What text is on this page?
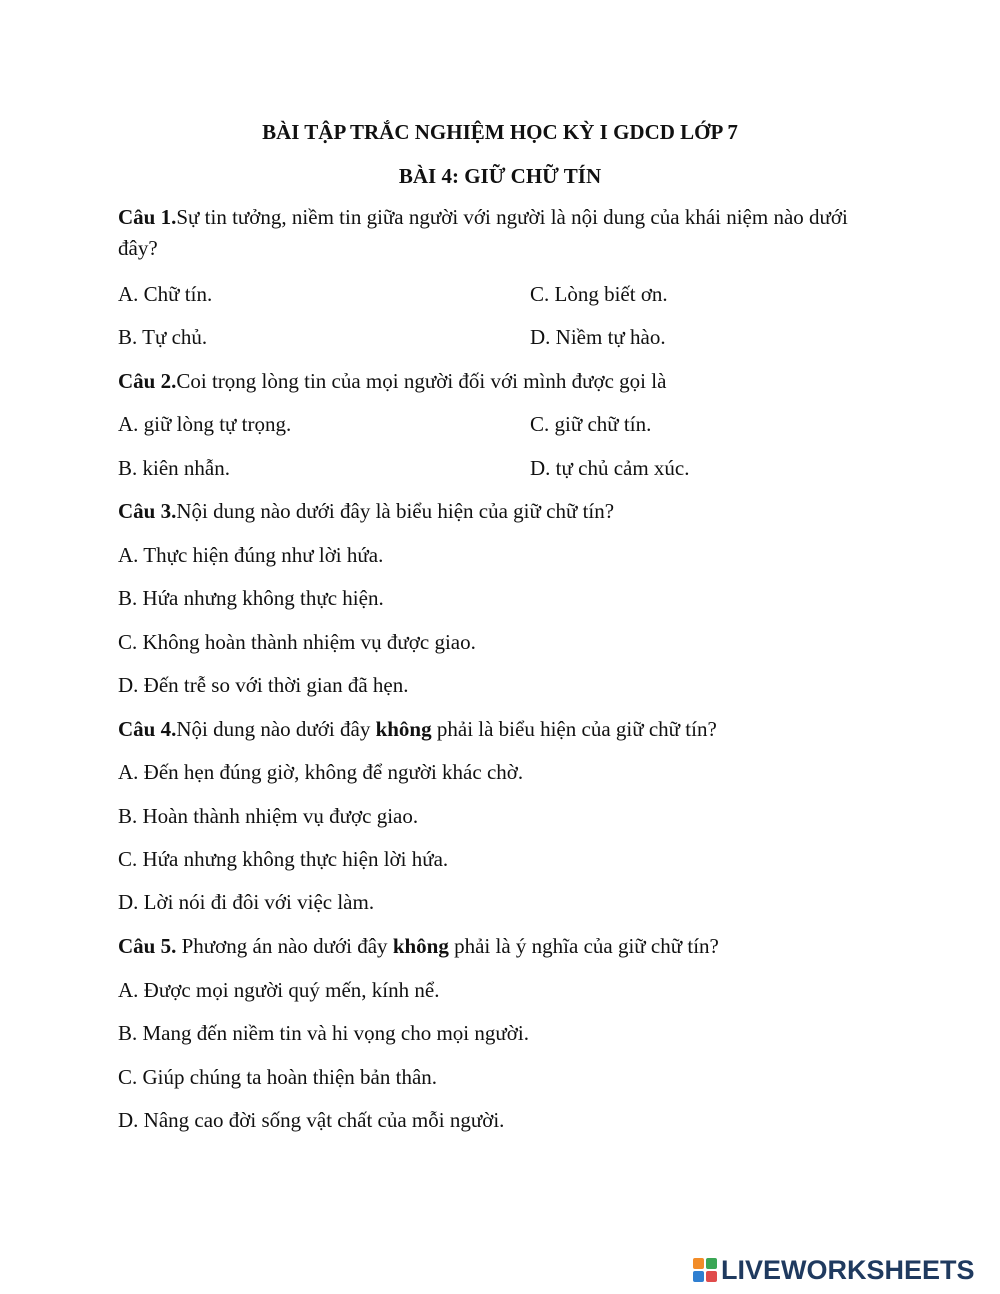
BÀI TẬP TRẮC NGHIỆM HỌC KỲ I GDCD LỚP 7
BÀI 4: GIỮ CHỮ TÍN
Câu 1.Sự tin tưởng, niềm tin giữa người với người là nội dung của khái niệm nào dưới đây?
A. Chữ tín.	C. Lòng biết ơn.
B. Tự chủ.	D. Niềm tự hào.
Câu 2.Coi trọng lòng tin của mọi người đối với mình được gọi là
A. giữ lòng tự trọng.	C. giữ chữ tín.
B. kiên nhẫn.	D. tự chủ cảm xúc.
Câu 3.Nội dung nào dưới đây là biểu hiện của giữ chữ tín?
A. Thực hiện đúng như lời hứa.
B. Hứa nhưng không thực hiện.
C. Không hoàn thành nhiệm vụ được giao.
D. Đến trễ so với thời gian đã hẹn.
Câu 4.Nội dung nào dưới đây không phải là biểu hiện của giữ chữ tín?
A. Đến hẹn đúng giờ, không để người khác chờ.
B. Hoàn thành nhiệm vụ được giao.
C. Hứa nhưng không thực hiện lời hứa.
D. Lời nói đi đôi với việc làm.
Câu 5. Phương án nào dưới đây không phải là ý nghĩa của giữ chữ tín?
A. Được mọi người quý mến, kính nể.
B. Mang đến niềm tin và hi vọng cho mọi người.
C. Giúp chúng ta hoàn thiện bản thân.
D. Nâng cao đời sống vật chất của mỗi người.
LIVEWORKSHEETS
